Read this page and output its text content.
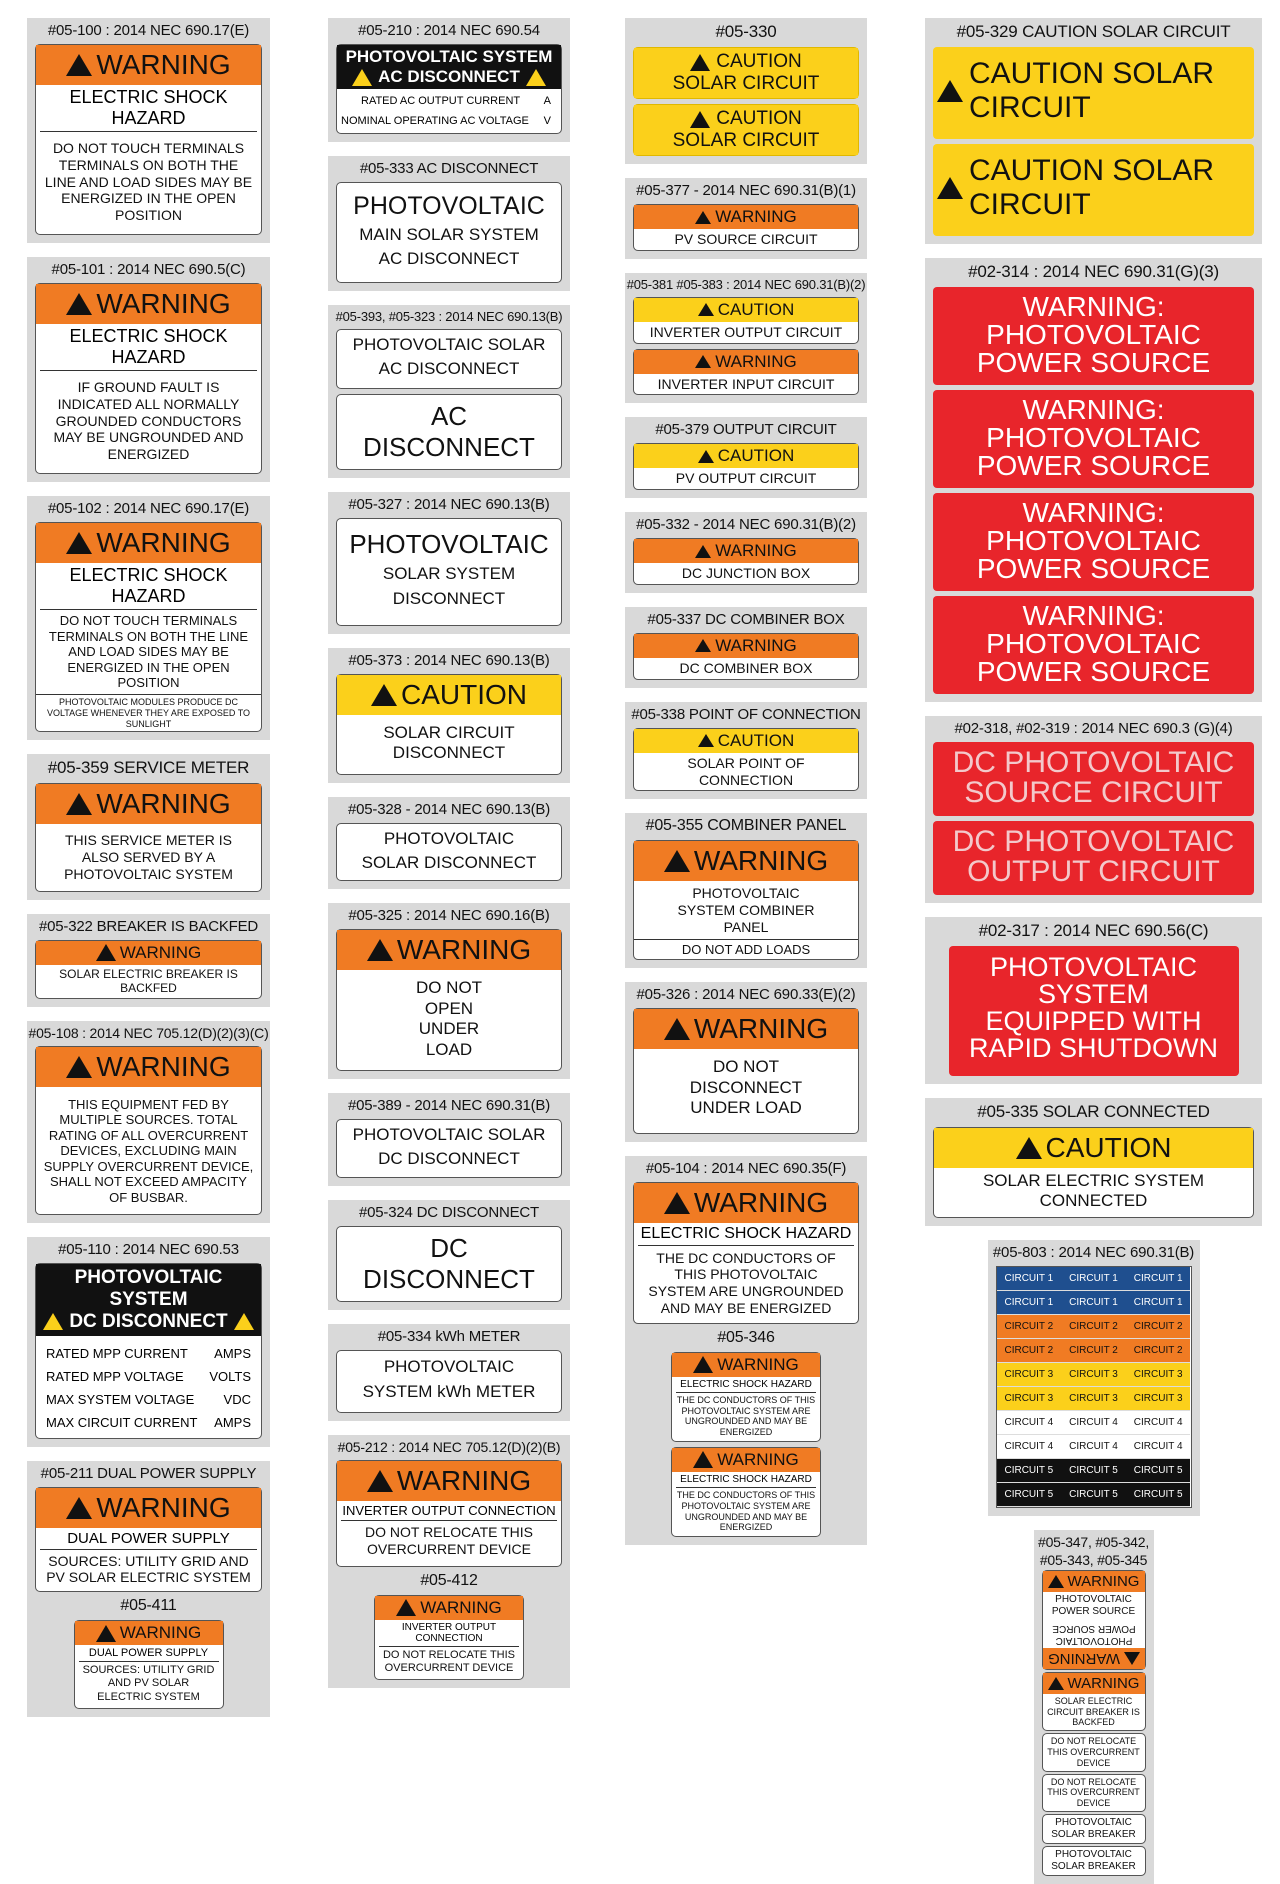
#05-100 : 2014 NEC 690.17(E)
WARNING
ELECTRIC SHOCK HAZARD
DO NOT TOUCH TERMINALS TERMINALS ON BOTH THE LINE AND LOAD SIDES MAY BE ENERGIZED IN THE OPEN POSITION
#05-101 : 2014 NEC 690.5(C)
WARNING
ELECTRIC SHOCK HAZARD
IF GROUND FAULT IS INDICATED ALL NORMALLY GROUNDED CONDUCTORS MAY BE UNGROUNDED AND ENERGIZED
#05-102 : 2014 NEC 690.17(E)
WARNING
ELECTRIC SHOCK HAZARD
DO NOT TOUCH TERMINALS TERMINALS ON BOTH THE LINE AND LOAD SIDES MAY BE ENERGIZED IN THE OPEN POSITION
PHOTOVOLTAIC MODULES PRODUCE DC VOLTAGE WHENEVER THEY ARE EXPOSED TO SUNLIGHT
#05-359 SERVICE METER
WARNING
THIS SERVICE METER IS ALSO SERVED BY A PHOTOVOLTAIC SYSTEM
#05-322 BREAKER IS BACKFED
WARNING
SOLAR ELECTRIC BREAKER IS BACKFED
#05-108 : 2014 NEC 705.12(D)(2)(3)(C)
WARNING
THIS EQUIPMENT FED BY MULTIPLE SOURCES. TOTAL RATING OF ALL OVERCURRENT DEVICES, EXCLUDING MAIN SUPPLY OVERCURRENT DEVICE, SHALL NOT EXCEED AMPACITY OF BUSBAR.
#05-110 : 2014 NEC 690.53
PHOTOVOLTAIC SYSTEM
DC DISCONNECT
RATED MPP CURRENT AMPS
RATED MPP VOLTAGE VOLTS
MAX SYSTEM VOLTAGE VDC
MAX CIRCUIT CURRENT AMPS
#05-211 DUAL POWER SUPPLY
WARNING
DUAL POWER SUPPLY
SOURCES: UTILITY GRID AND PV SOLAR ELECTRIC SYSTEM
#05-411
WARNING
DUAL POWER SUPPLY
SOURCES: UTILITY GRID AND PV SOLAR ELECTRIC SYSTEM
#05-210 : 2014 NEC 690.54
PHOTOVOLTAIC SYSTEM
AC DISCONNECT
RATED AC OUTPUT CURRENT A
NOMINAL OPERATING AC VOLTAGE V
#05-333 AC DISCONNECT
PHOTOVOLTAIC
MAIN SOLAR SYSTEM
AC DISCONNECT
#05-393, #05-323 : 2014 NEC 690.13(B)
PHOTOVOLTAIC SOLAR
AC DISCONNECT
AC DISCONNECT
#05-327 : 2014 NEC 690.13(B)
PHOTOVOLTAIC
SOLAR SYSTEM
DISCONNECT
#05-373 : 2014 NEC 690.13(B)
CAUTION
SOLAR CIRCUIT DISCONNECT
#05-328 - 2014 NEC 690.13(B)
PHOTOVOLTAIC
SOLAR DISCONNECT
#05-325 : 2014 NEC 690.16(B)
WARNING
DO NOT OPEN UNDER LOAD
#05-389 - 2014 NEC 690.31(B)
PHOTOVOLTAIC SOLAR
DC DISCONNECT
#05-324 DC DISCONNECT
DC DISCONNECT
#05-334 kWh METER
PHOTOVOLTAIC
SYSTEM kWh METER
#05-212 : 2014 NEC 705.12(D)(2)(B)
WARNING
INVERTER OUTPUT CONNECTION
DO NOT RELOCATE THIS OVERCURRENT DEVICE
#05-412
WARNING
INVERTER OUTPUT CONNECTION
DO NOT RELOCATE THIS OVERCURRENT DEVICE
#05-330
CAUTION
SOLAR CIRCUIT
CAUTION
SOLAR CIRCUIT
#05-377 - 2014 NEC 690.31(B)(1)
WARNING
PV SOURCE CIRCUIT
#05-381 #05-383 : 2014 NEC 690.31(B)(2)
CAUTION
INVERTER OUTPUT CIRCUIT
WARNING
INVERTER INPUT CIRCUIT
#05-379 OUTPUT CIRCUIT
CAUTION
PV OUTPUT CIRCUIT
#05-332 - 2014 NEC 690.31(B)(2)
WARNING
DC JUNCTION BOX
#05-337 DC COMBINER BOX
WARNING
DC COMBINER BOX
#05-338 POINT OF CONNECTION
CAUTION
SOLAR POINT OF CONNECTION
#05-355 COMBINER PANEL
WARNING
PHOTOVOLTAIC SYSTEM COMBINER PANEL
DO NOT ADD LOADS
#05-326 : 2014 NEC 690.33(E)(2)
WARNING
DO NOT DISCONNECT UNDER LOAD
#05-104 : 2014 NEC 690.35(F)
WARNING
ELECTRIC SHOCK HAZARD
THE DC CONDUCTORS OF THIS PHOTOVOLTAIC SYSTEM ARE UNGROUNDED AND MAY BE ENERGIZED
#05-346
WARNING
ELECTRIC SHOCK HAZARD
THE DC CONDUCTORS OF THIS PHOTOVOLTAIC SYSTEM ARE UNGROUNDED AND MAY BE ENERGIZED
WARNING
ELECTRIC SHOCK HAZARD
THE DC CONDUCTORS OF THIS PHOTOVOLTAIC SYSTEM ARE UNGROUNDED AND MAY BE ENERGIZED
#05-329 CAUTION SOLAR CIRCUIT
CAUTION SOLAR CIRCUIT
CAUTION SOLAR CIRCUIT
#02-314 : 2014 NEC 690.31(G)(3)
WARNING: PHOTOVOLTAIC
POWER SOURCE
WARNING: PHOTOVOLTAIC
POWER SOURCE
WARNING: PHOTOVOLTAIC
POWER SOURCE
WARNING: PHOTOVOLTAIC
POWER SOURCE
#02-318, #02-319 : 2014 NEC 690.3 (G)(4)
DC PHOTOVOLTAIC
SOURCE CIRCUIT
DC PHOTOVOLTAIC
OUTPUT CIRCUIT
#02-317 : 2014 NEC 690.56(C)
PHOTOVOLTAIC SYSTEM
EQUIPPED WITH
RAPID SHUTDOWN
#05-335 SOLAR CONNECTED
CAUTION
SOLAR ELECTRIC SYSTEM CONNECTED
#05-803 : 2014 NEC 690.31(B)
CIRCUIT 1	CIRCUIT 1	CIRCUIT 1
CIRCUIT 1	CIRCUIT 1	CIRCUIT 1
CIRCUIT 2	CIRCUIT 2	CIRCUIT 2
CIRCUIT 2	CIRCUIT 2	CIRCUIT 2
CIRCUIT 3	CIRCUIT 3	CIRCUIT 3
CIRCUIT 3	CIRCUIT 3	CIRCUIT 3
CIRCUIT 4	CIRCUIT 4	CIRCUIT 4
CIRCUIT 4	CIRCUIT 4	CIRCUIT 4
CIRCUIT 5	CIRCUIT 5	CIRCUIT 5
CIRCUIT 5	CIRCUIT 5	CIRCUIT 5
#05-347, #05-342,
#05-343, #05-345
WARNING
PHOTOVOLTAIC POWER SOURCE
PHOTOVOLTAIC POWER SOURCE
WARNING
WARNING
SOLAR ELECTRIC CIRCUIT BREAKER IS BACKFED
DO NOT RELOCATE THIS OVERCURRENT DEVICE
DO NOT RELOCATE THIS OVERCURRENT DEVICE
PHOTOVOLTAIC SOLAR BREAKER
PHOTOVOLTAIC SOLAR BREAKER
